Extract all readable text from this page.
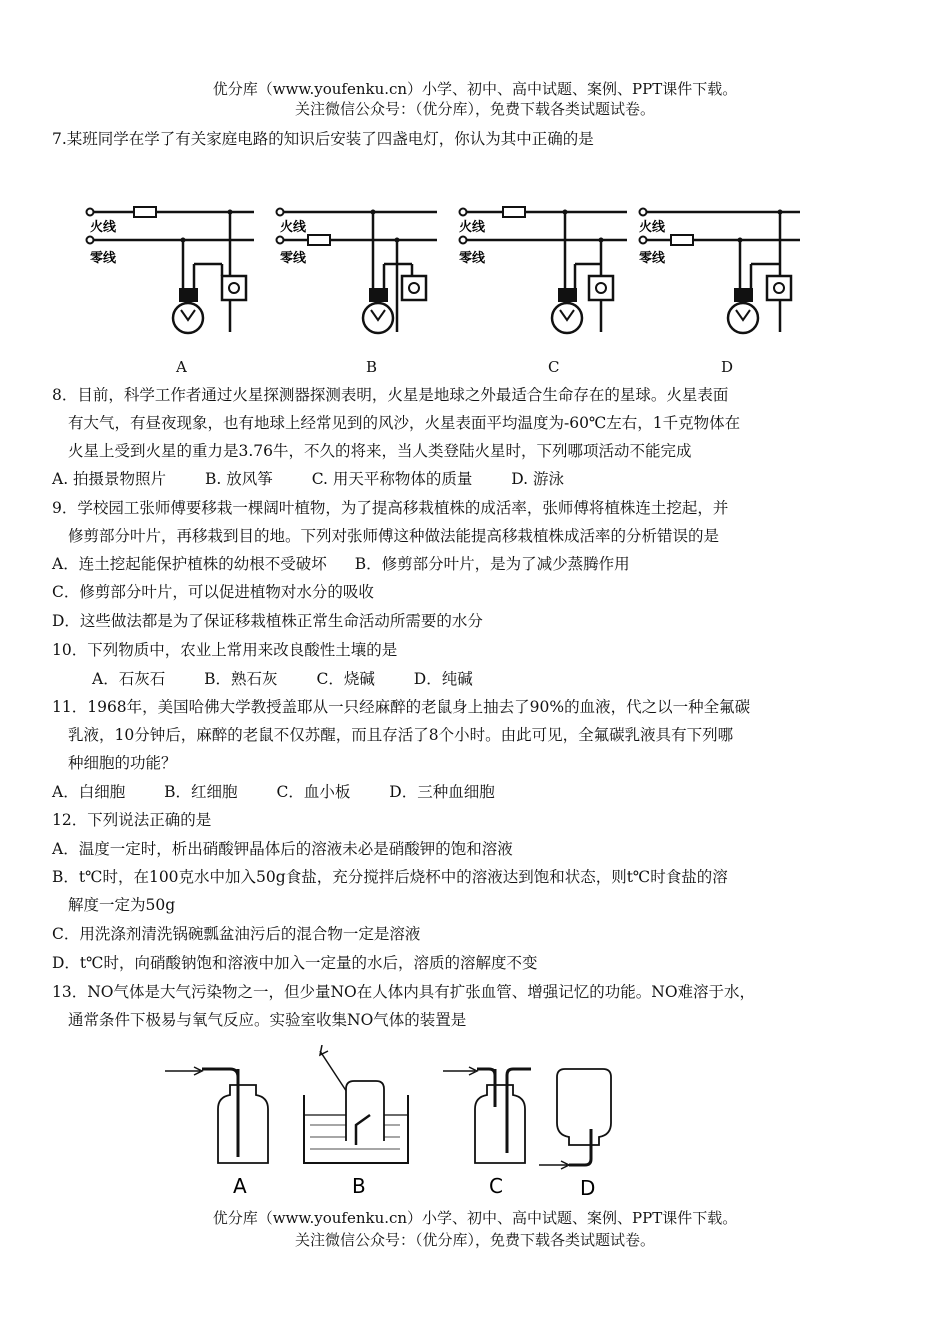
优分库（www.youfenku.cn）小学、初中、高中试题、案例、PPT课件下载。
关注微信公众号：（优分库），免费下载各类试题试卷。
7.某班同学在学了有关家庭电路的知识后安装了四盏电灯，你认为其中正确的是
火线
零线
火线
零线
火线
零线
火线
零线
A	B	C	D
8．目前，科学工作者通过火星探测器探测表明，火星是地球之外最适合生命存在的星球。火星表面
有大气，有昼夜现象，也有地球上经常见到的风沙，火星表面平均温度为-60℃左右，1千克物体在
火星上受到火星的重力是3.76牛，不久的将来，当人类登陆火星时，下列哪项活动不能完成
A. 拍摄景物照片	B. 放风筝	C. 用天平称物体的质量	D. 游泳
9．学校园工张师傅要移栽一棵阔叶植物，为了提高移栽植株的成活率，张师傅将植株连土挖起，并
修剪部分叶片，再移栽到目的地。下列对张师傅这种做法能提高移栽植株成活率的分析错误的是
A．连土挖起能保护植株的幼根不受破坏 B．修剪部分叶片，是为了减少蒸腾作用
C．修剪部分叶片，可以促进植物对水分的吸收
D．这些做法都是为了保证移栽植株正常生命活动所需要的水分
10．下列物质中，农业上常用来改良酸性土壤的是
A．石灰石	B．熟石灰	C．烧碱	D．纯碱
11．1968年，美国哈佛大学教授盖耶从一只经麻醉的老鼠身上抽去了90%的血液，代之以一种全氟碳
乳液，10分钟后，麻醉的老鼠不仅苏醒，而且存活了8个小时。由此可见，全氟碳乳液具有下列哪
种细胞的功能？
A．白细胞	B．红细胞	C．血小板	D．三种血细胞
12．下列说法正确的是
A．温度一定时，析出硝酸钾晶体后的溶液未必是硝酸钾的饱和溶液
B．t℃时，在100克水中加入50g食盐，充分搅拌后烧杯中的溶液达到饱和状态，则t℃时食盐的溶
解度一定为50g
C．用洗涤剂清洗锅碗瓢盆油污后的混合物一定是溶液
D．t℃时，向硝酸钠饱和溶液中加入一定量的水后，溶质的溶解度不变
13．NO气体是大气污染物之一，但少量NO在人体内具有扩张血管、增强记忆的功能。NO难溶于水，
通常条件下极易与氧气反应。实验室收集NO气体的装置是
A	B	C	D
优分库（www.youfenku.cn）小学、初中、高中试题、案例、PPT课件下载。
关注微信公众号：（优分库），免费下载各类试题试卷。
